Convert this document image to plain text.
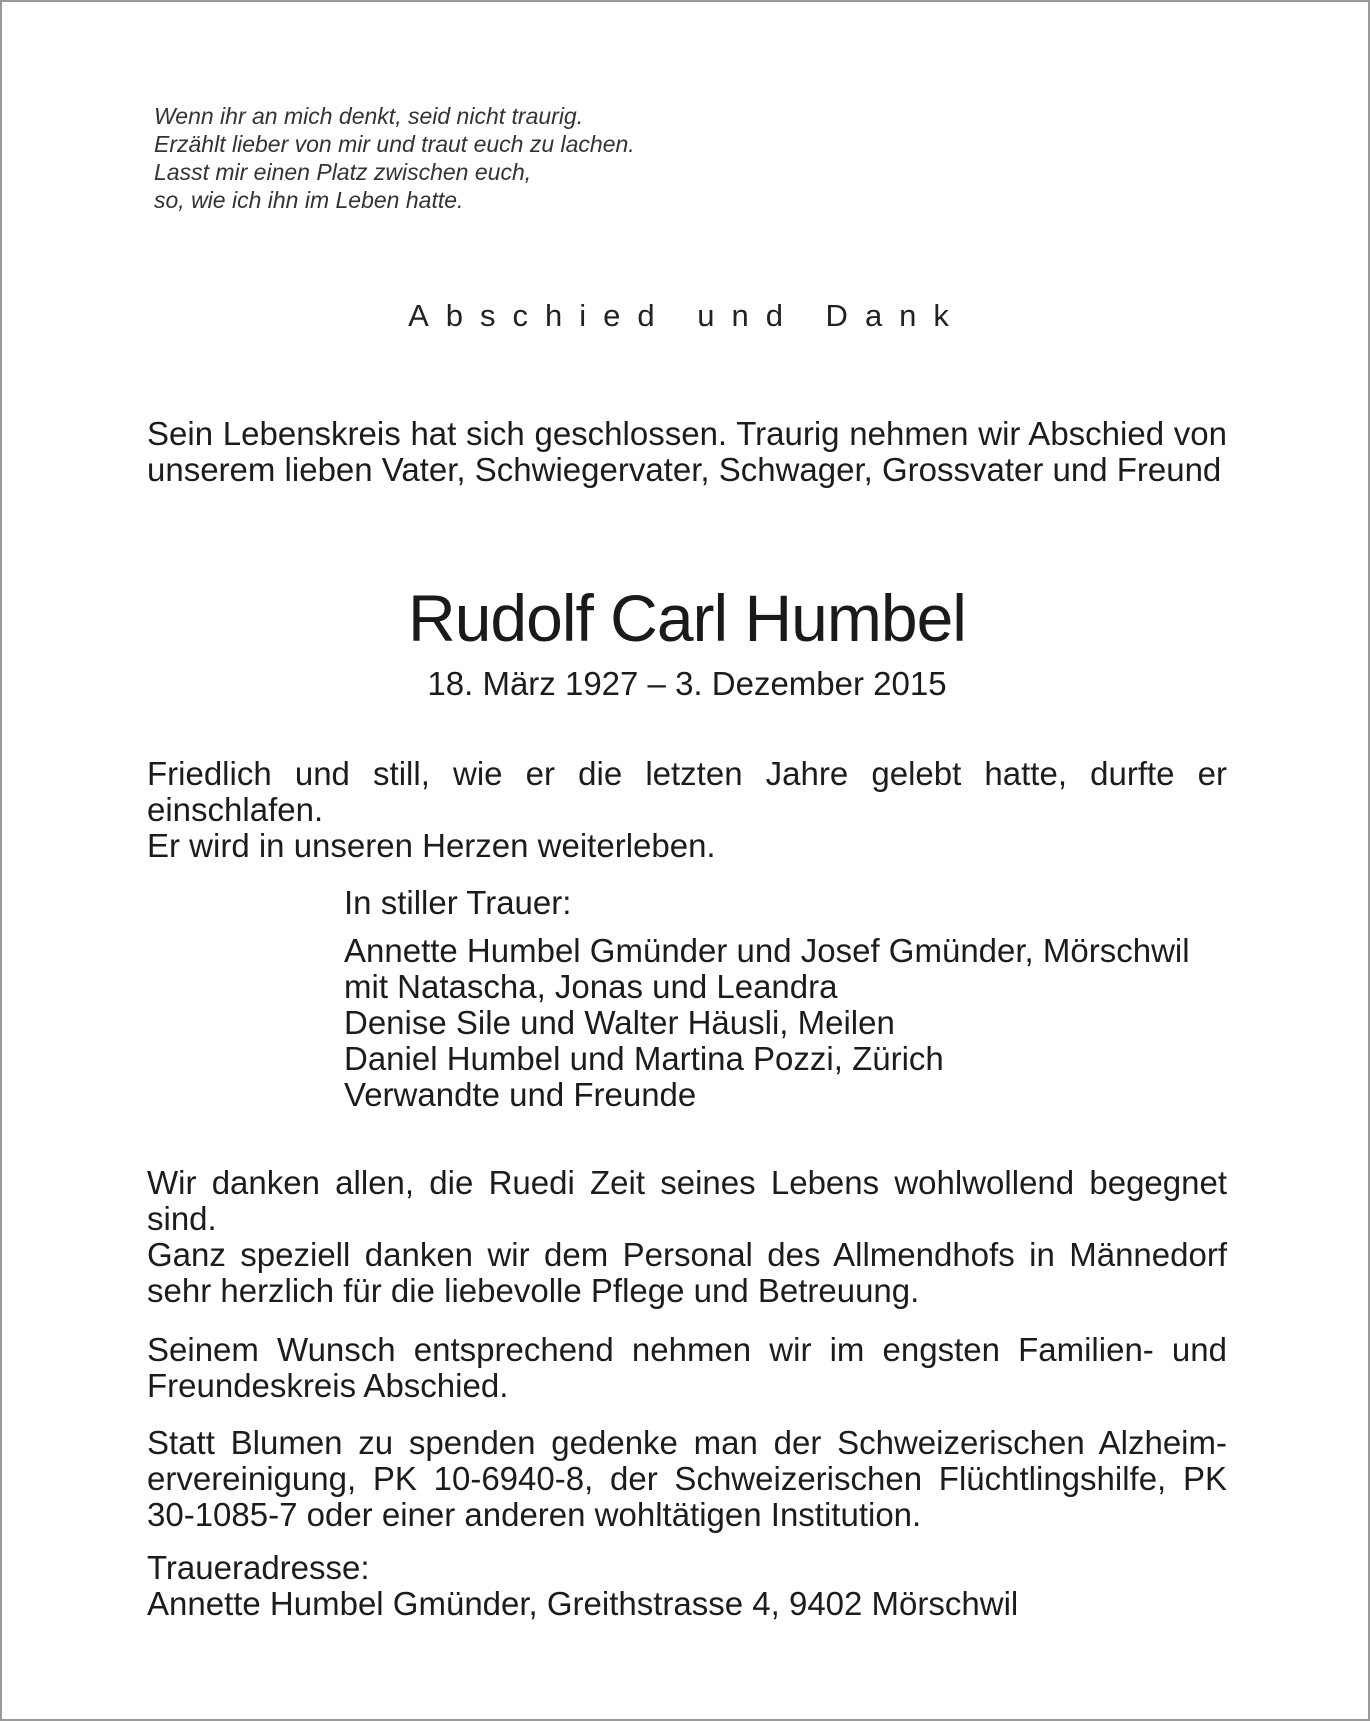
Wenn ihr an mich denkt, seid nicht traurig.
Erzählt lieber von mir und traut euch zu lachen.
Lasst mir einen Platz zwischen euch,
so, wie ich ihn im Leben hatte.
Abschied und Dank

Sein Lebenskreis hat sich geschlossen. Traurig nehmen wir Abschied von unserem lieben Vater, Schwiegervater, Schwager, Grossvater und Freund

Rudolf Carl Humbel
18. März 1927 – 3. Dezember 2015

Friedlich und still, wie er die letzten Jahre gelebt hatte, durfte er einschlafen.

Er wird in unseren Herzen weiterleben.

In stiller Trauer:
Annette Humbel Gmünder und Josef Gmünder, Mörschwil
mit Natascha, Jonas und Leandra
Denise Sile und Walter Häusli, Meilen
Daniel Humbel und Martina Pozzi, Zürich
Verwandte und Freunde

Wir danken allen, die Ruedi Zeit seines Lebens wohlwollend begegnet sind.

Ganz speziell danken wir dem Personal des Allmendhofs in Männedorf sehr herzlich für die liebevolle Pflege und Betreuung.

Seinem Wunsch entsprechend nehmen wir im engsten Familien- und Freundeskreis Abschied.

Statt Blumen zu spenden gedenke man der Schweizerischen Alzheimervereinigung, PK 10-6940-8, der Schweizerischen Flüchtlingshilfe, PK 30-1085-7 oder einer anderen wohltätigen Institution.

Traueradresse:

Annette Humbel Gmünder, Greithstrasse 4, 9402 Mörschwil
